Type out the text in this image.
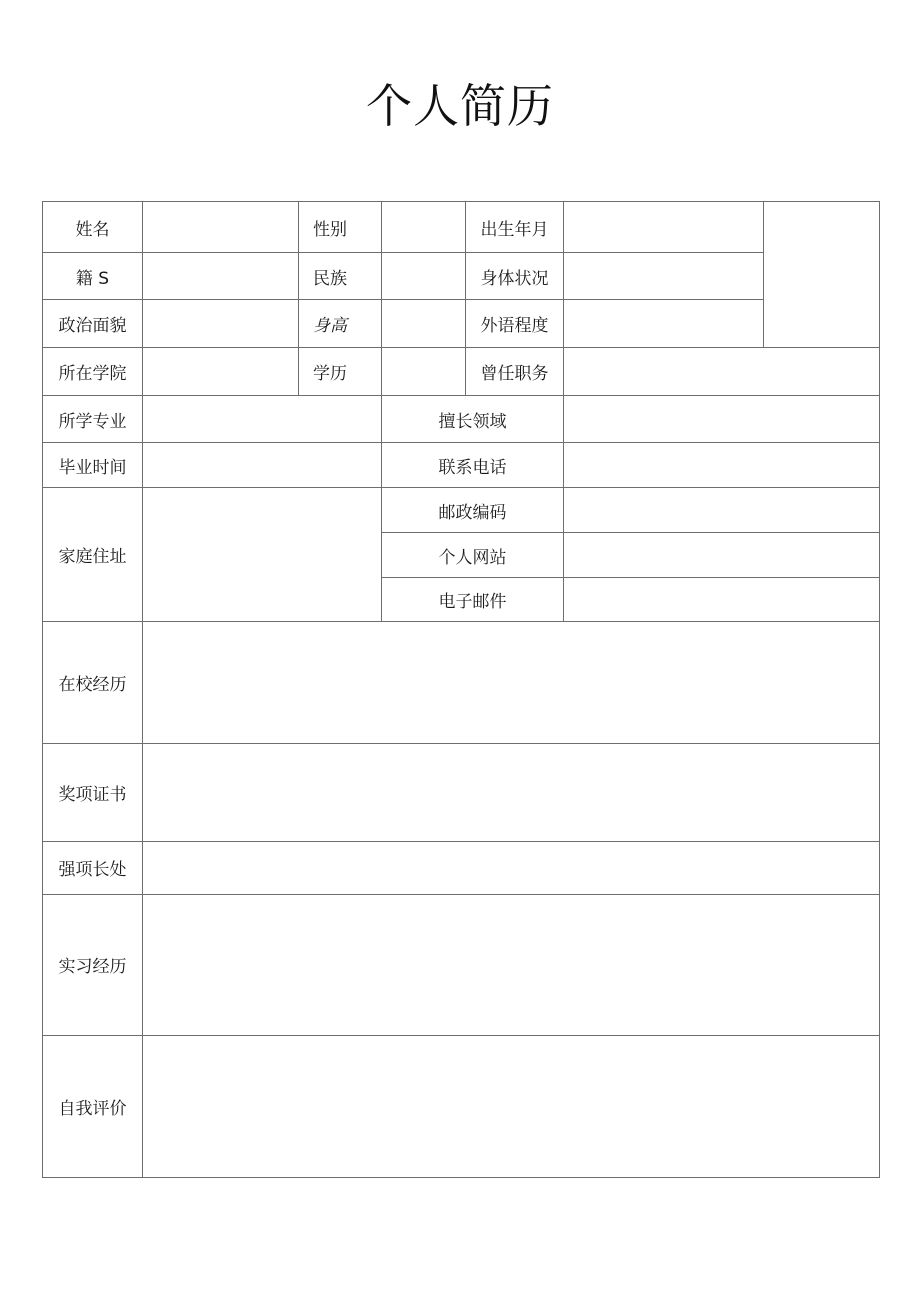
个人简历
姓名		性别		出生年月		
籍 S		民族		身体状况		
政治面貌		身高		外语程度		
所在学院		学历		曾任职务		
所学专业			擅长领域			
毕业时间			联系电话			
家庭住址			邮政编码			
			个人网站			
			电子邮件			
在校经历						
奖项证书						
强项长处						
实习经历						
自我评价						
